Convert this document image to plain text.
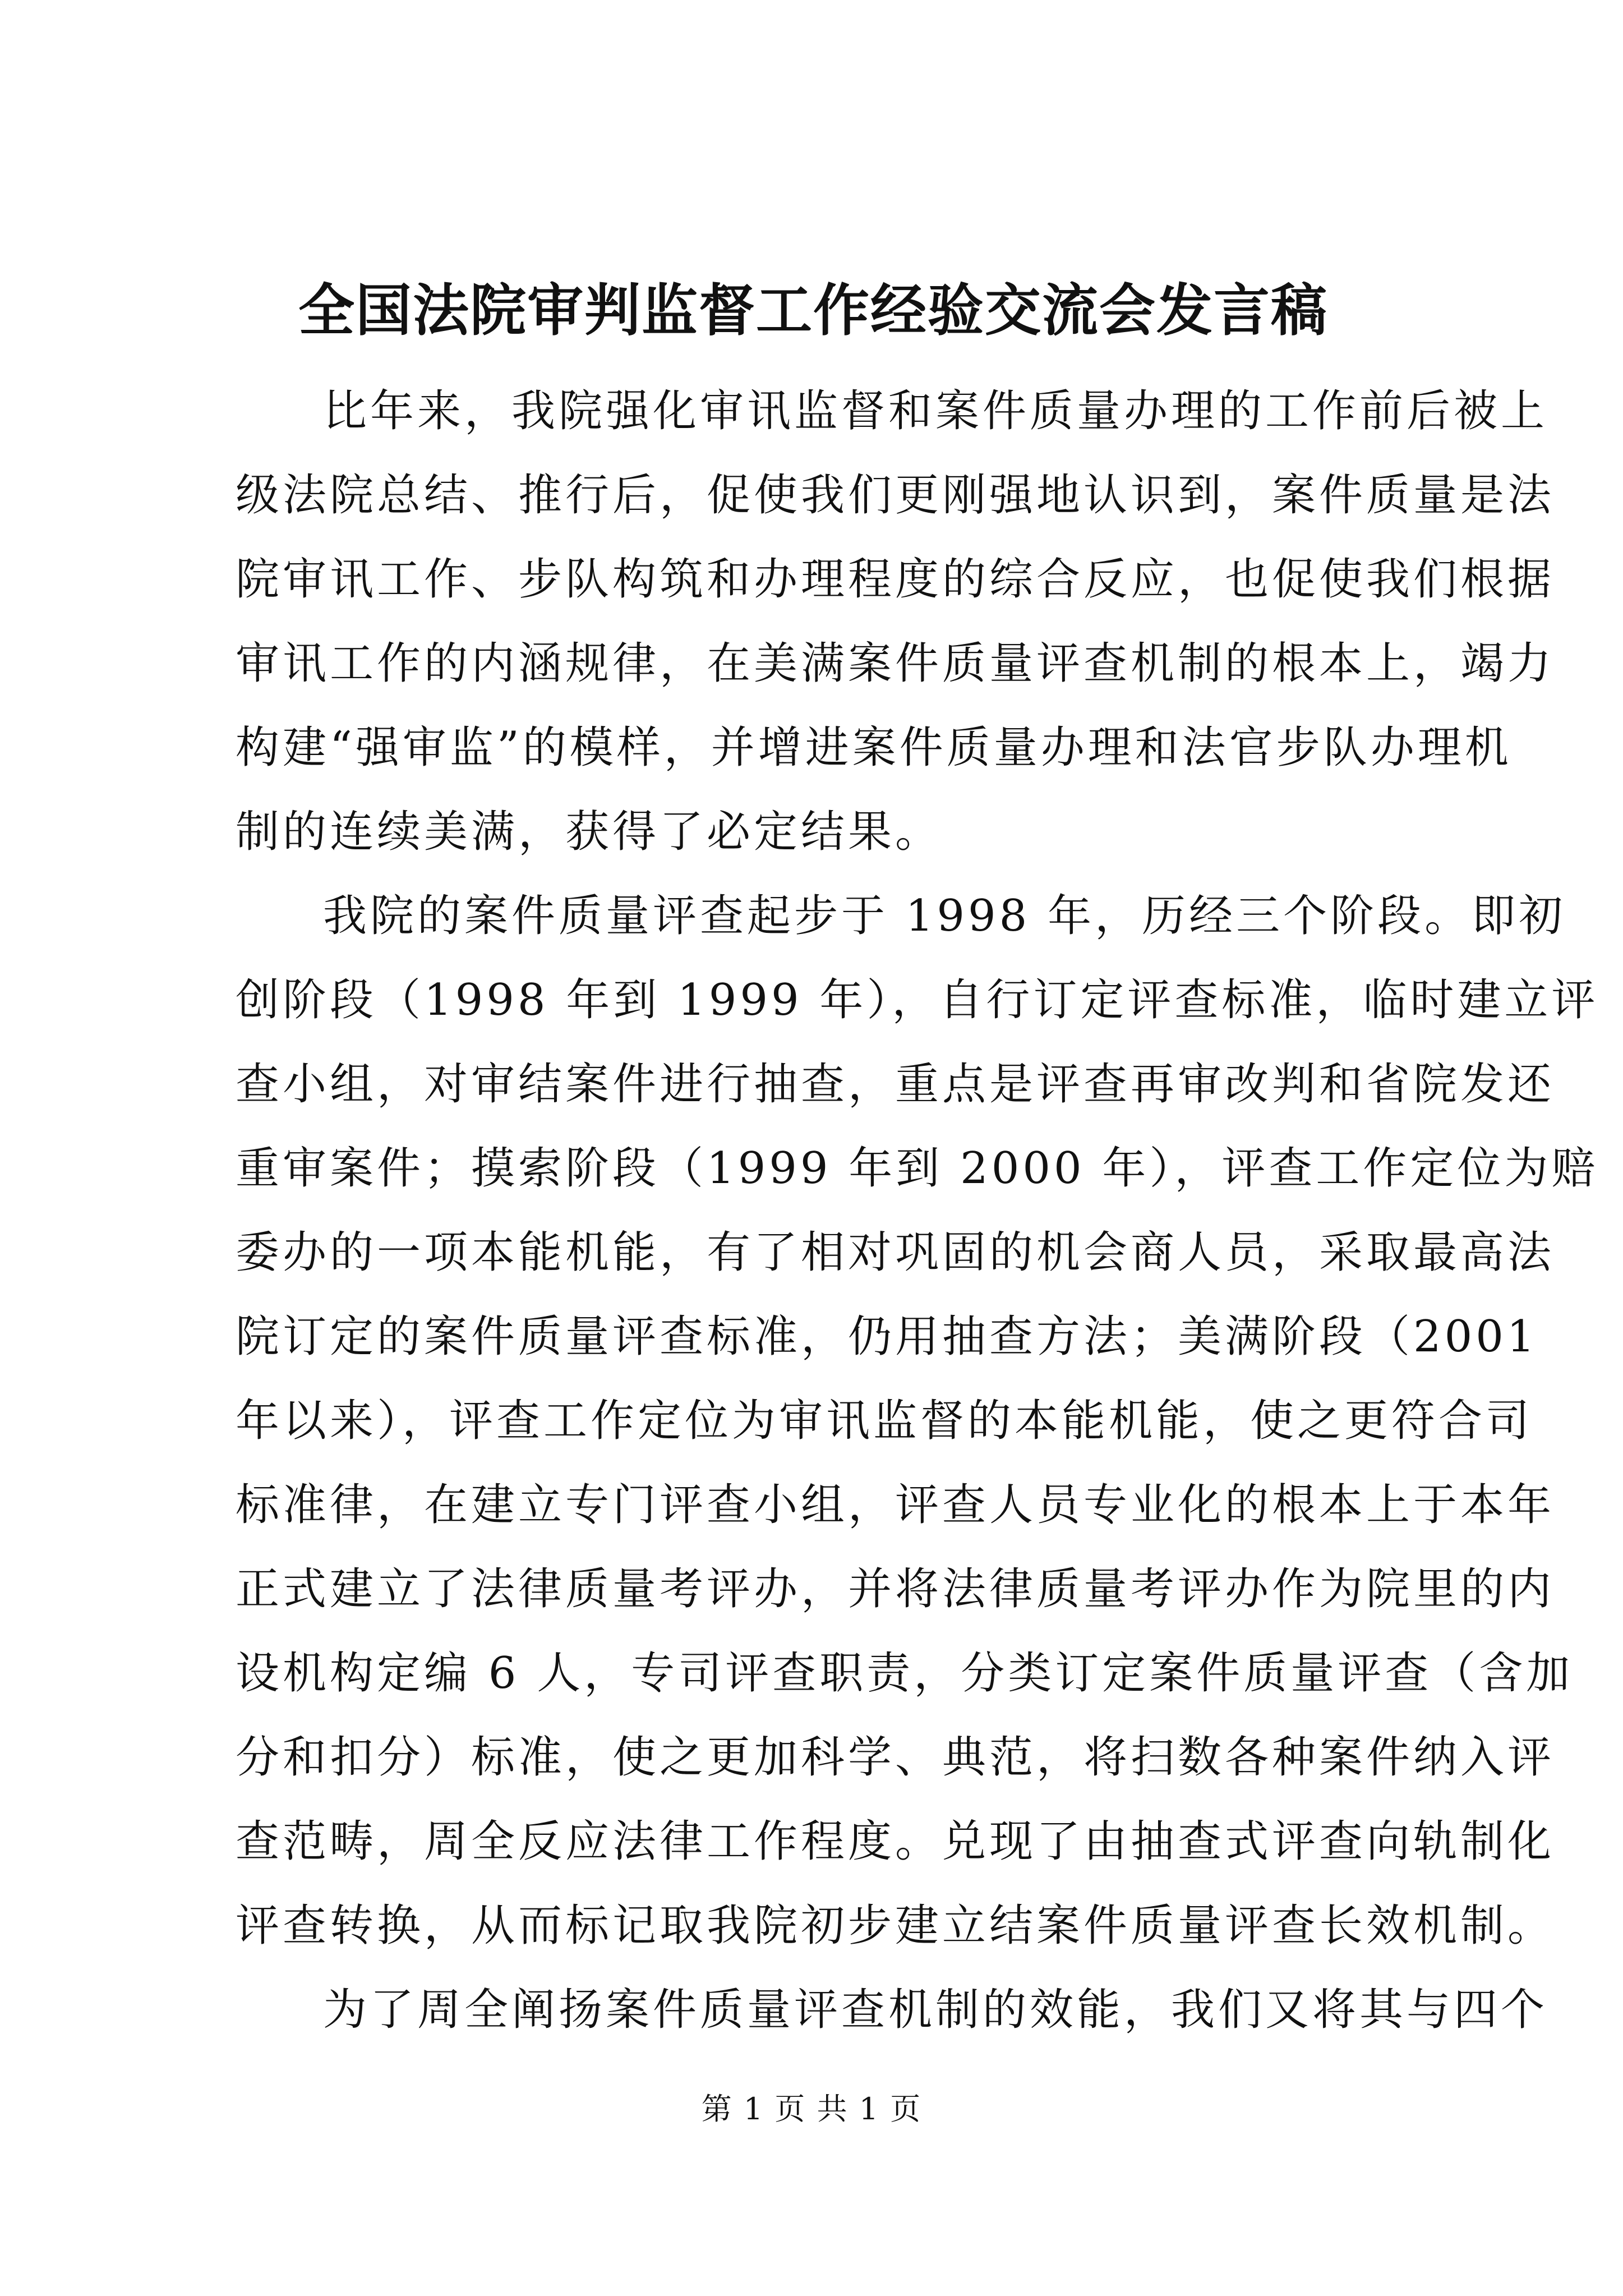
全国法院审判监督工作经验交流会发言稿
比年来，我院强化审讯监督和案件质量办理的工作前后被上
级法院总结、推行后，促使我们更刚强地认识到，案件质量是法
院审讯工作、步队构筑和办理程度的综合反应，也促使我们根据
审讯工作的内涵规律，在美满案件质量评查机制的根本上，竭力
构建“强审监”的模样，并增进案件质量办理和法官步队办理机
制的连续美满，获得了必定结果。
我院的案件质量评查起步于 1998 年，历经三个阶段。即初
创阶段（1998 年到 1999 年），自行订定评查标准，临时建立评
查小组，对审结案件进行抽查，重点是评查再审改判和省院发还
重审案件；摸索阶段（1999 年到 2000 年），评查工作定位为赔
委办的一项本能机能，有了相对巩固的机会商人员，采取最高法
院订定的案件质量评查标准，仍用抽查方法；美满阶段（2001
年以来），评查工作定位为审讯监督的本能机能，使之更符合司
标准律，在建立专门评查小组，评查人员专业化的根本上于本年
正式建立了法律质量考评办，并将法律质量考评办作为院里的内
设机构定编 6 人，专司评查职责，分类订定案件质量评查（含加
分和扣分）标准，使之更加科学、典范，将扫数各种案件纳入评
查范畴，周全反应法律工作程度。兑现了由抽查式评查向轨制化
评查转换，从而标记取我院初步建立结案件质量评查长效机制。
为了周全阐扬案件质量评查机制的效能，我们又将其与四个
第 1 页 共 1 页
